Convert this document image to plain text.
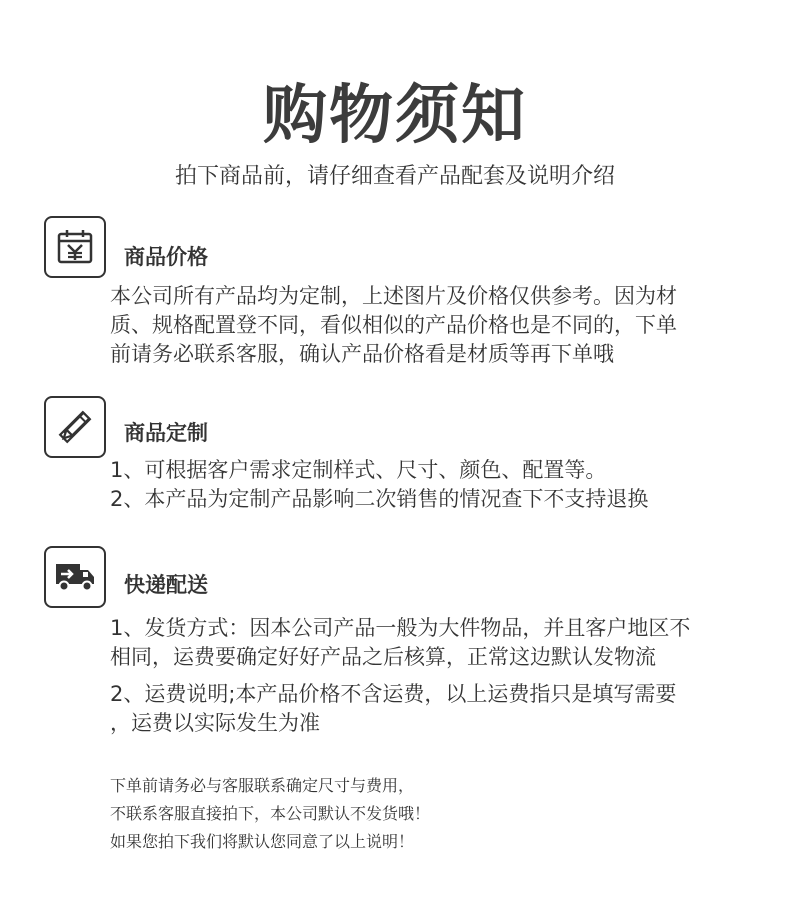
购物须知
拍下商品前，请仔细查看产品配套及说明介绍
商品价格
本公司所有产品均为定制，上述图片及价格仅供参考。因为材
质、规格配置登不同，看似相似的产品价格也是不同的，下单
前请务必联系客服，确认产品价格看是材质等再下单哦
商品定制
1、可根据客户需求定制样式、尺寸、颜色、配置等。
2、本产品为定制产品影响二次销售的情况查下不支持退换
快递配送
1、发货方式：因本公司产品一般为大件物品，并且客户地区不
相同，运费要确定好好产品之后核算，正常这边默认发物流
2、运费说明;本产品价格不含运费，以上运费指只是填写需要
，运费以实际发生为准
下单前请务必与客服联系确定尺寸与费用，
不联系客服直接拍下，本公司默认不发货哦！
如果您拍下我们将默认您同意了以上说明！
